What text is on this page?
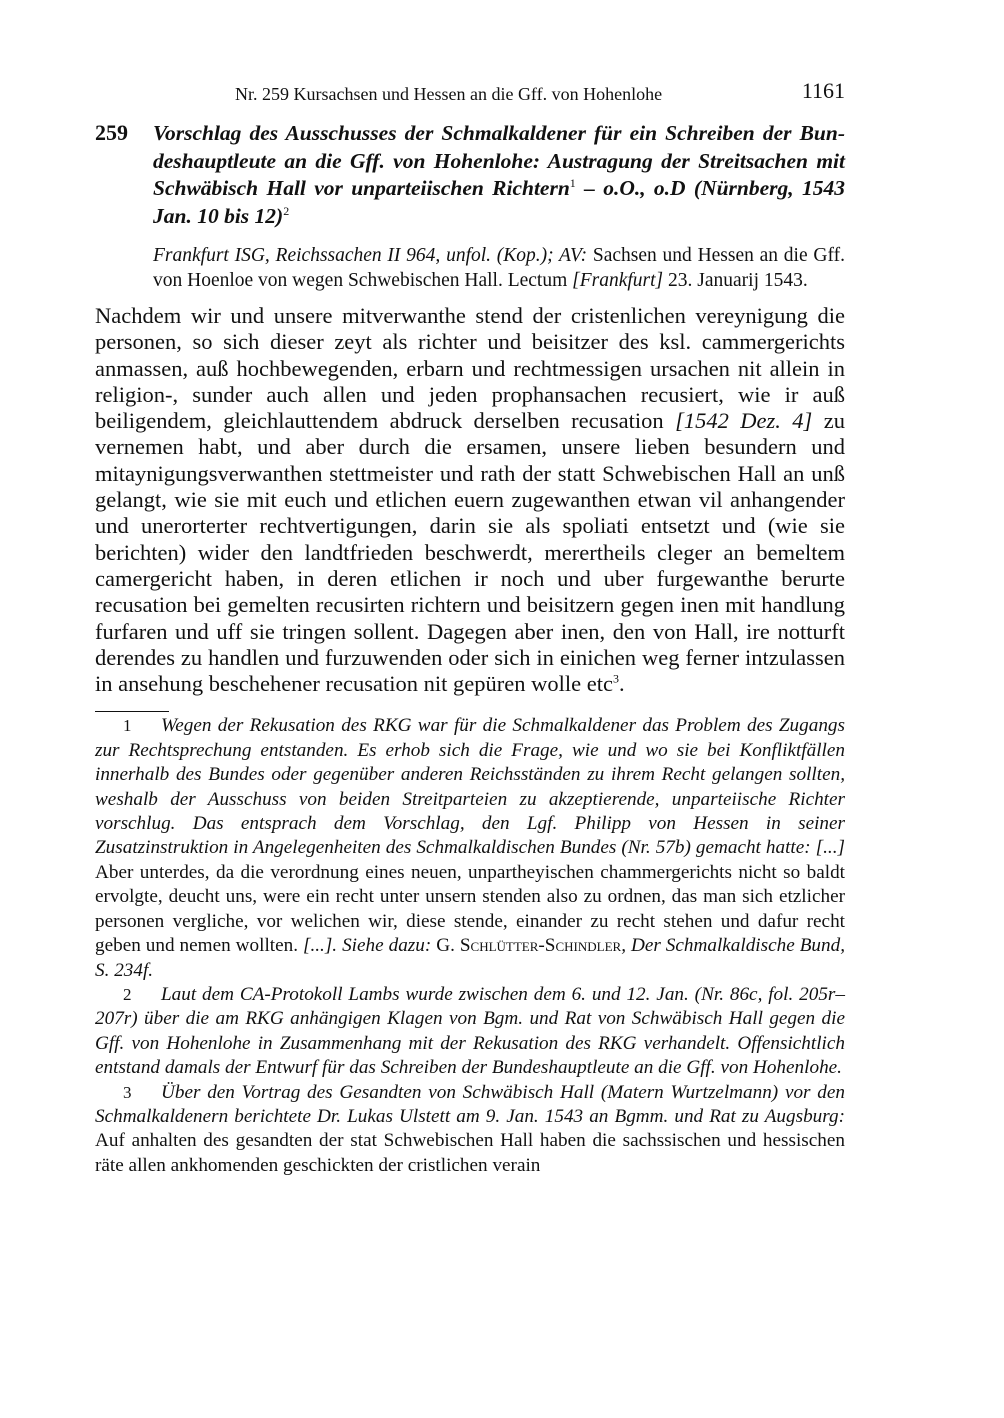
Nr. 259 Kursachsen und Hessen an die Gff. von Hohenlohe	1161
259 Vorschlag des Ausschusses der Schmalkaldener für ein Schreiben der Bundeshauptleute an die Gff. von Hohenlohe: Austragung der Streitsachen mit Schwäbisch Hall vor unparteiischen Richtern$^1$ – o.O., o.D (Nürnberg, 1543 Jan. 10 bis 12)$^2$
Frankfurt ISG, Reichssachen II 964, unfol. (Kop.); AV: Sachsen und Hessen an die Gff. von Hoenloe von wegen Schwebischen Hall. Lectum [Frankfurt] 23. Januarij 1543.
Nachdem wir und unsere mitverwanthe stend der cristenlichen vereynigung die personen, so sich dieser zeyt als richter und beisitzer des ksl. cammergerichts anmassen, auß hochbewegenden, erbarn und rechtmessigen ursachen nit allein in religion-, sunder auch allen und jeden prophansachen recusiert, wie ir auß beiligendem, gleichlauttendem abdruck derselben recusation [1542 Dez. 4] zu vernemen habt, und aber durch die ersamen, unsere lieben besundern und mitaynigungsverwanthen stettmeister und rath der statt Schwebischen Hall an unß gelangt, wie sie mit euch und etlichen euern zugewanthen etwan vil anhangender und unerorterter rechtvertigungen, darin sie als spoliati entsetzt und (wie sie berichten) wider den landtfrieden beschwerdt, merertheils cleger an bemeltem camergericht haben, in deren etlichen ir noch und uber furgewanthe berurte recusation bei gemelten recusirten richtern und beisitzern gegen inen mit handlung furfaren und uff sie tringen sollent. Dagegen aber inen, den von Hall, ire notturft derendes zu handlen und furzuwenden oder sich in einichen weg ferner intzulassen in ansehung beschehener recusation nit gepüren wolle etc$^3$.

1 Wegen der Rekusation des RKG war für die Schmalkaldener das Problem des Zugangs zur Rechtsprechung entstanden. Es erhob sich die Frage, wie und wo sie bei Konfliktfällen innerhalb des Bundes oder gegenüber anderen Reichsständen zu ihrem Recht gelangen sollten, weshalb der Ausschuss von beiden Streitparteien zu akzeptierende, unparteiische Richter vorschlug. Das entsprach dem Vorschlag, den Lgf. Philipp von Hessen in seiner Zusatzinstruktion in Angelegenheiten des Schmalkaldischen Bundes (Nr. 57b) gemacht hatte: [...] Aber unterdes, da die verordnung eines neuen, unpartheyischen chammergerichts nicht so baldt ervolgte, deucht uns, were ein recht unter unsern stenden also zu ordnen, das man sich etzlicher personen vergliche, vor welichen wir, diese stende, einander zu recht stehen und dafur recht geben und nemen wollten. [...]. Siehe dazu: G. Schlütter-Schindler, Der Schmalkaldische Bund, S. 234f.

2 Laut dem CA-Protokoll Lambs wurde zwischen dem 6. und 12. Jan. (Nr. 86c, fol. 205r–207r) über die am RKG anhängigen Klagen von Bgm. und Rat von Schwäbisch Hall gegen die Gff. von Hohenlohe in Zusammenhang mit der Rekusation des RKG verhandelt. Offensichtlich entstand damals der Entwurf für das Schreiben der Bundeshauptleute an die Gff. von Hohenlohe.

3 Über den Vortrag des Gesandten von Schwäbisch Hall (Matern Wurtzelmann) vor den Schmalkaldenern berichtete Dr. Lukas Ulstett am 9. Jan. 1543 an Bgmm. und Rat zu Augsburg: Auf anhalten des gesandten der stat Schwebischen Hall haben die sachssischen und hessischen räte allen ankhomenden geschickten der cristlichen verain
